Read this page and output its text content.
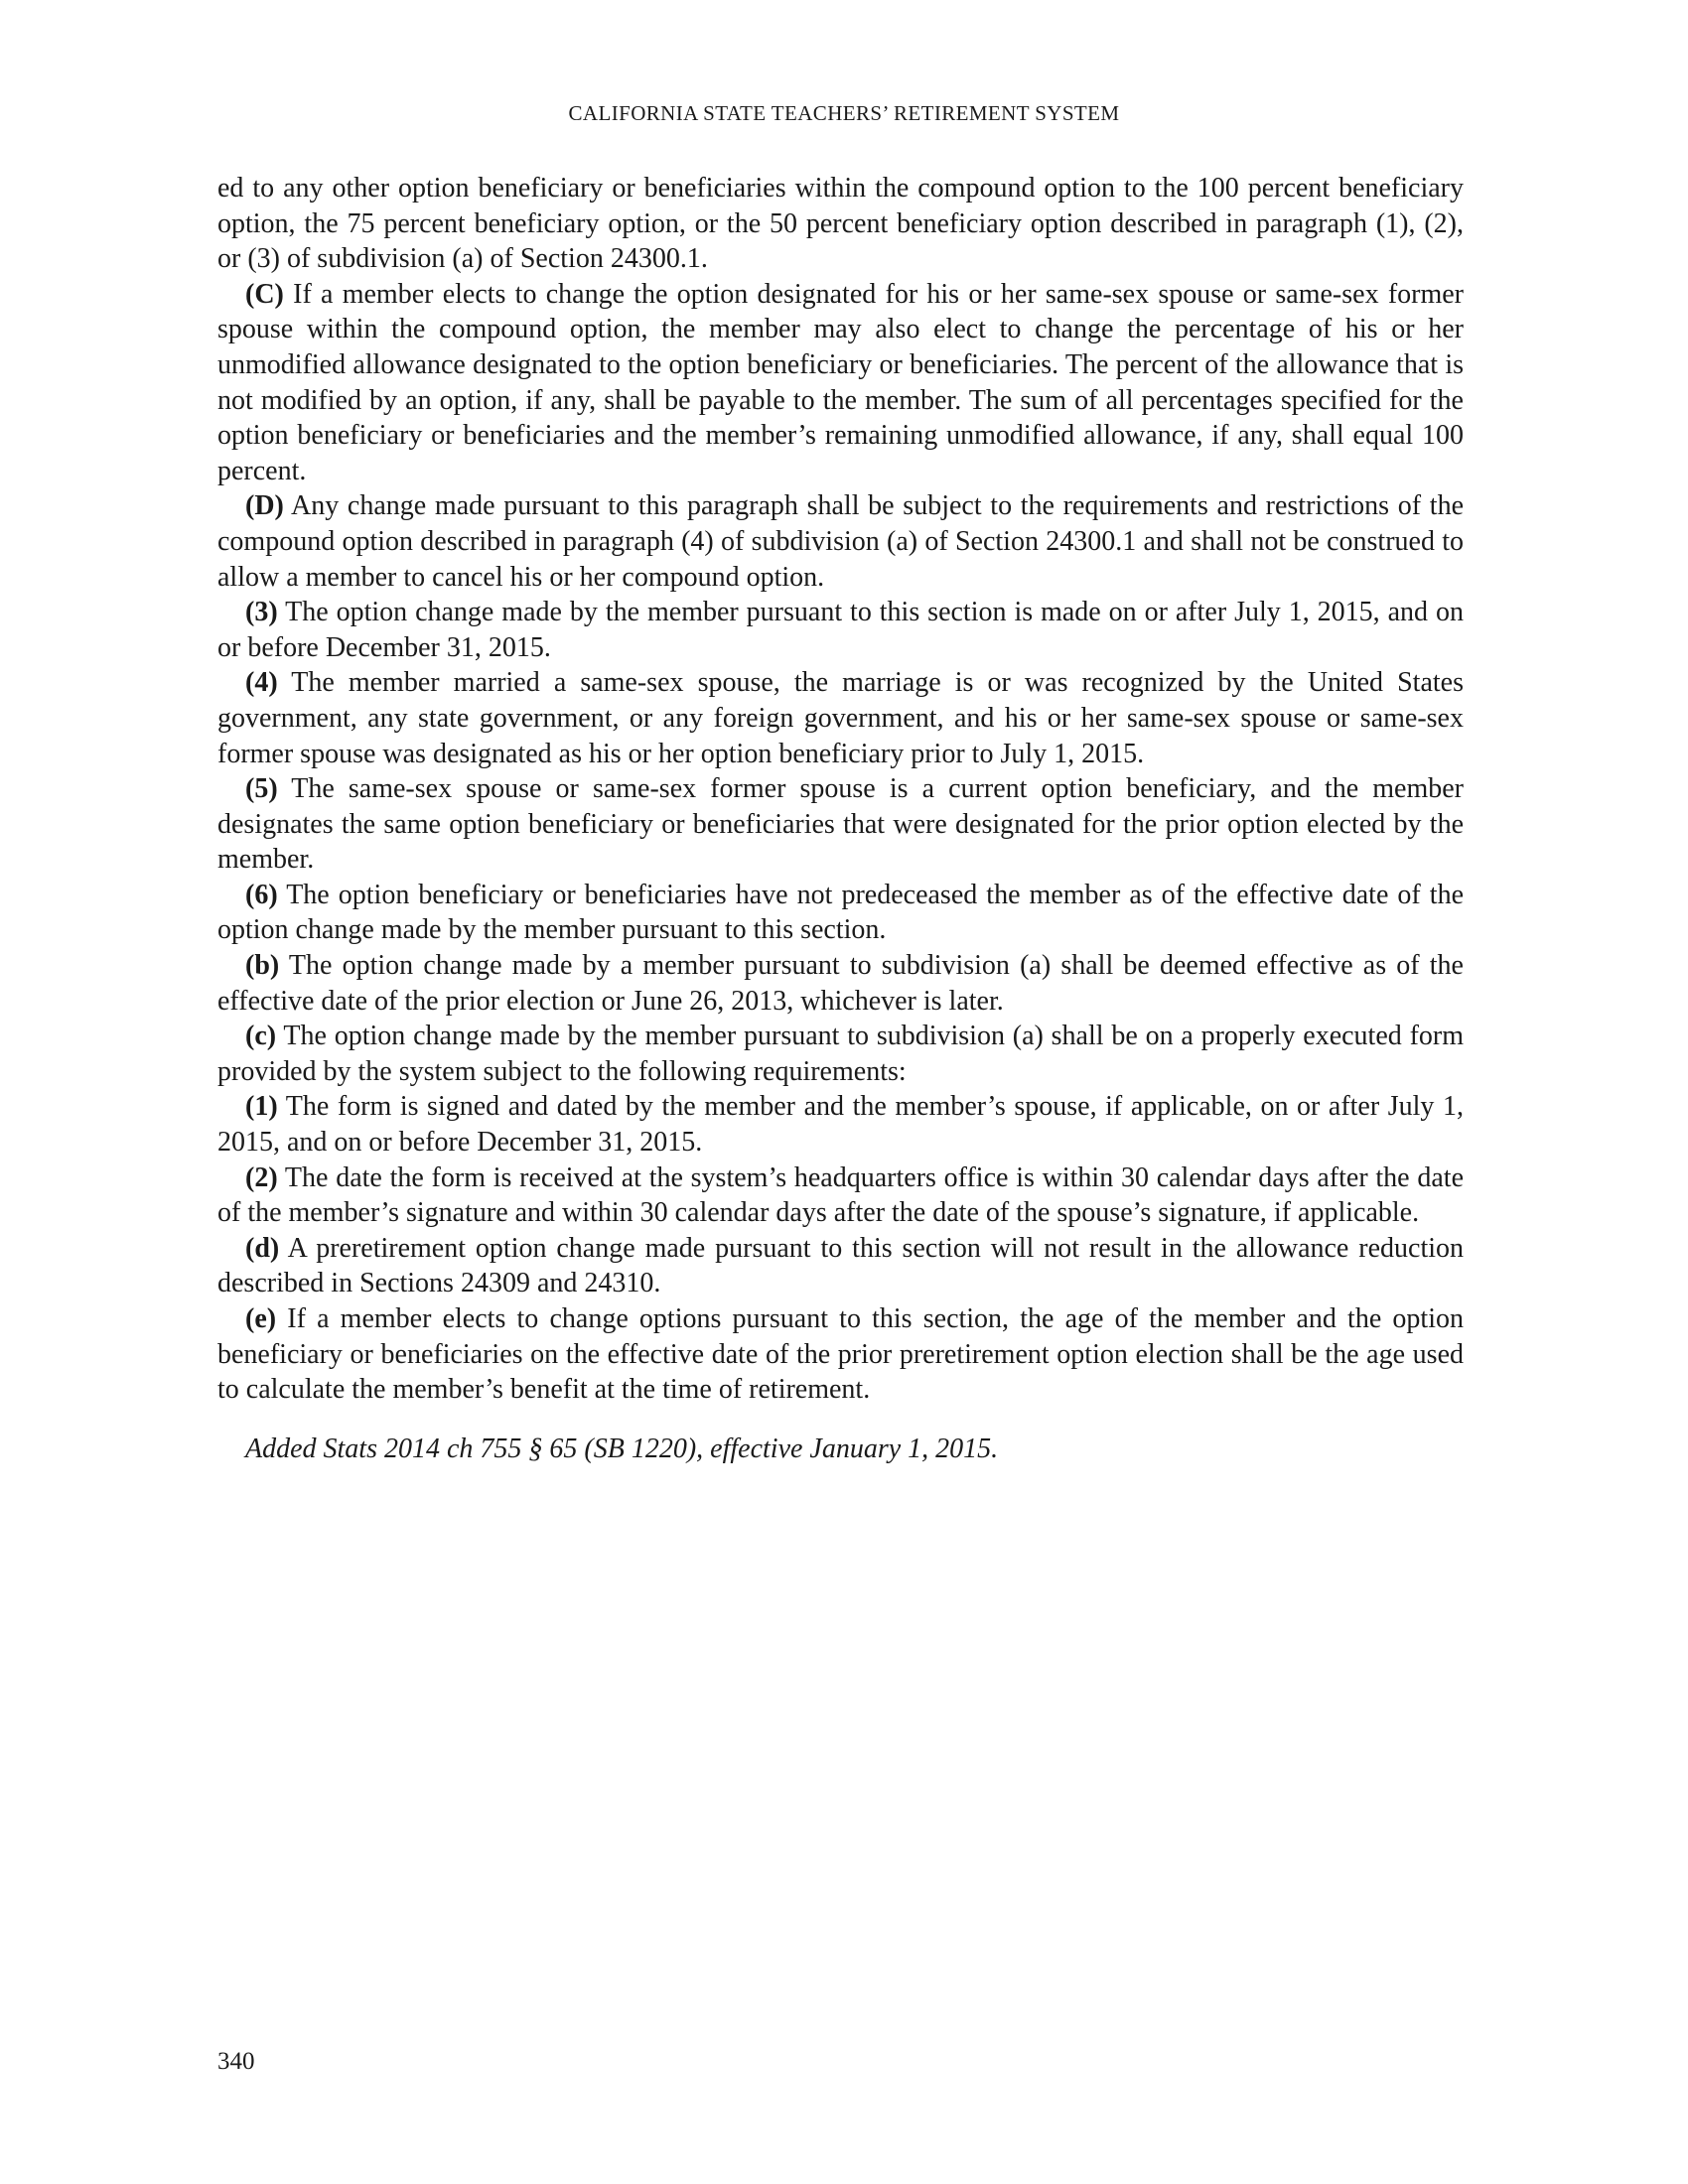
CALIFORNIA STATE TEACHERS’ RETIREMENT SYSTEM

ed to any other option beneficiary or beneficiaries within the compound option to the 100 percent beneficiary option, the 75 percent beneficiary option, or the 50 percent beneficiary option described in paragraph (1), (2), or (3) of subdivision (a) of Section 24300.1.

(C) If a member elects to change the option designated for his or her same-sex spouse or same-sex former spouse within the compound option, the member may also elect to change the percentage of his or her unmodified allowance designated to the option beneficiary or beneficiaries. The percent of the allowance that is not modified by an option, if any, shall be payable to the member. The sum of all percentages specified for the option beneficiary or beneficiaries and the member’s remaining unmodified allowance, if any, shall equal 100 percent.

(D) Any change made pursuant to this paragraph shall be subject to the requirements and restrictions of the compound option described in paragraph (4) of subdivision (a) of Section 24300.1 and shall not be construed to allow a member to cancel his or her compound option.

(3) The option change made by the member pursuant to this section is made on or after July 1, 2015, and on or before December 31, 2015.

(4) The member married a same-sex spouse, the marriage is or was recognized by the United States government, any state government, or any foreign government, and his or her same-sex spouse or same-sex former spouse was designated as his or her option beneficiary prior to July 1, 2015.

(5) The same-sex spouse or same-sex former spouse is a current option beneficiary, and the member designates the same option beneficiary or beneficiaries that were designated for the prior option elected by the member.

(6) The option beneficiary or beneficiaries have not predeceased the member as of the effective date of the option change made by the member pursuant to this section.

(b) The option change made by a member pursuant to subdivision (a) shall be deemed effective as of the effective date of the prior election or June 26, 2013, whichever is later.

(c) The option change made by the member pursuant to subdivision (a) shall be on a properly executed form provided by the system subject to the following requirements:

(1) The form is signed and dated by the member and the member’s spouse, if applicable, on or after July 1, 2015, and on or before December 31, 2015.

(2) The date the form is received at the system’s headquarters office is within 30 calendar days after the date of the member’s signature and within 30 calendar days after the date of the spouse’s signature, if applicable.

(d) A preretirement option change made pursuant to this section will not result in the allowance reduction described in Sections 24309 and 24310.

(e) If a member elects to change options pursuant to this section, the age of the member and the option beneficiary or beneficiaries on the effective date of the prior preretirement option election shall be the age used to calculate the member’s benefit at the time of retirement.

Added Stats 2014 ch 755 § 65 (SB 1220), effective January 1, 2015.

340
